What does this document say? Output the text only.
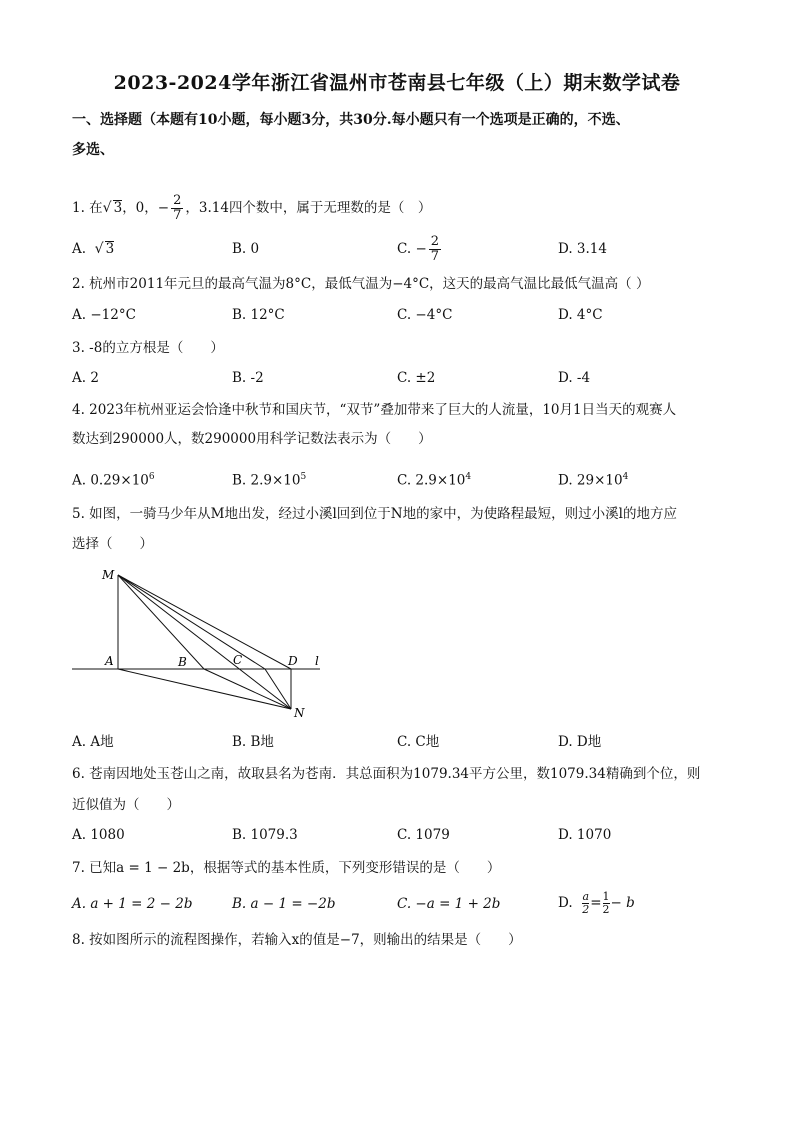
2023-2024学年浙江省温州市苍南县七年级（上）期末数学试卷
一、选择题（本题有10小题，每小题3分，共30分.每小题只有一个选项是正确的，不选、
多选、
1. 在√ 3，0，− $\frac{2}{7}$ ，3.14四个数中，属于无理数的是（　）
A. √ 3	B. 0	C. − $\frac{2}{7}$	D. 3.14
2. 杭州市2011年元旦的最高气温为8°C，最低气温为−4°C，这天的最高气温比最低气温高（ ）
A. −12°C	B. 12°C	C. −4°C	D. 4°C
3. -8的立方根是（　　）
A. 2	B. -2	C. ±2	D. -4
4. 2023年杭州亚运会恰逢中秋节和国庆节，“双节”叠加带来了巨大的人流量，10月1日当天的观赛人
数达到290000人，数290000用科学记数法表示为（　　）
A. $0.29\times 10^6$	B. $2.9\times 10^5$	C. $2.9\times 10^4$	D. $29\times 10^4$
5. 如图，一骑马少年从M地出发，经过小溪l回到位于N地的家中，为使路程最短，则过小溪l的地方应
选择（　　）
M
A	B	C	D l
N
A. A地	B. B地	C. C地	D. D地
6. 苍南因地处玉苍山之南，故取县名为苍南．其总面积为1079.34平方公里，数1079.34精确到个位，则
近似值为（　　）
A. 1080	B. 1079.3	C. 1079	D. 1070
7. 已知a = 1 − 2b，根据等式的基本性质，下列变形错误的是（　　）
A. a + 1 = 2 − 2b	B. a − 1 = −2b	C. −a = 1 + 2b	D. $\frac{a}{2} = \frac{1}{2} - b$
8. 按如图所示的流程图操作，若输入x的值是−7，则输出的结果是（　　）
